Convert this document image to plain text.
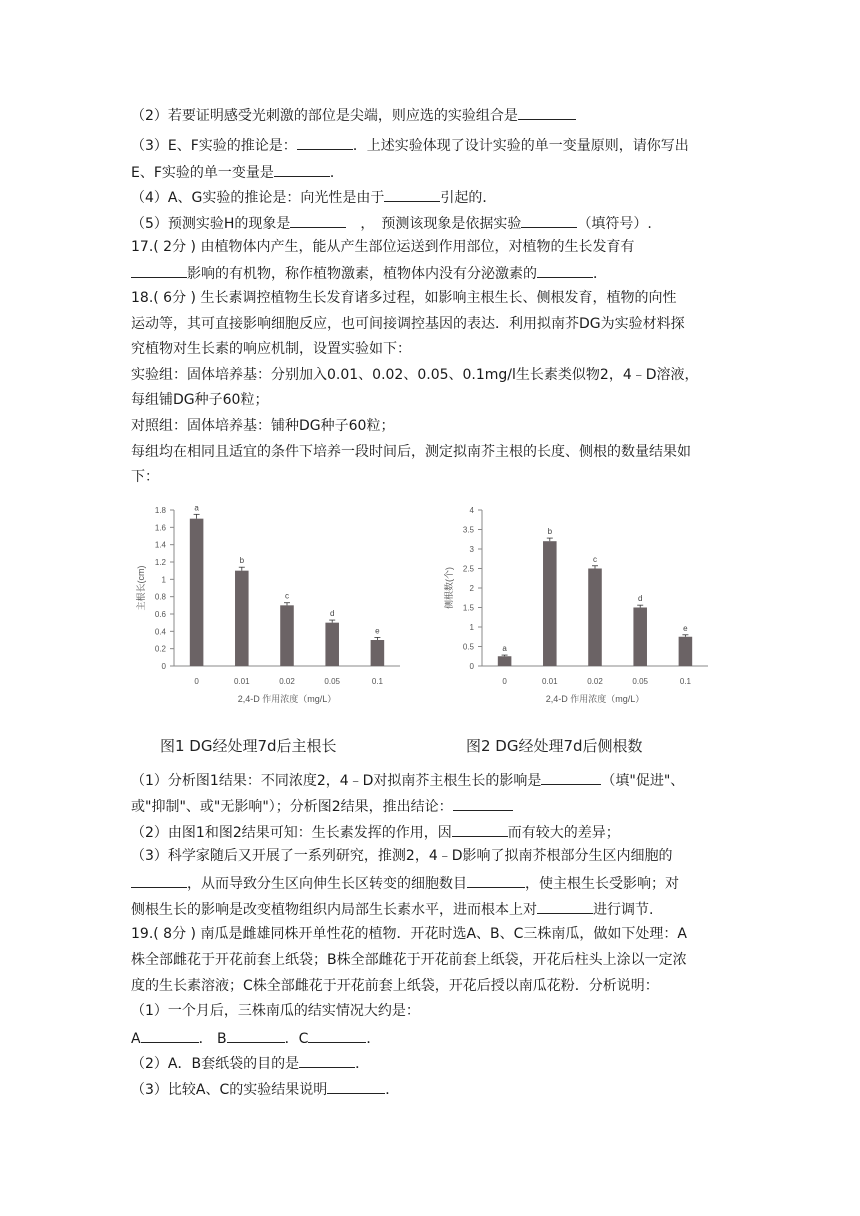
（2）若要证明感受光刺激的部位是尖端，则应选的实验组合是
（3）E、F实验的推论是：	．上述实验体现了设计实验的单一变量原则，请你写出
E、F实验的单一变量是	．
（4）A、G实验的推论是：向光性是由于	引起的．
（5）预测实验H的现象是	　，　预测该现象是依据实验	（填符号）.
17.( 2分 ) 由植物体内产生，能从产生部位运送到作用部位，对植物的生长发育有
影响的有机物，称作植物激素，植物体内没有分泌激素的	．
18.( 6分 ) 生长素调控植物生长发育诸多过程，如影响主根生长、侧根发育，植物的向性
运动等，其可直接影响细胞反应，也可间接调控基因的表达．利用拟南芥DG为实验材料探
究植物对生长素的响应机制，设置实验如下：
实验组：固体培养基：分别加入0.01、0.02、0.05、0.1mg/l生长素类似物2，4﹣D溶液，
每组铺DG种子60粒；
对照组：固体培养基：铺种DG种子60粒；
每组均在相同且适宜的条件下培养一段时间后，测定拟南芥主根的长度、侧根的数量结果如
下：
0
0.2
0.4
0.6
0.8
1
1.2
1.4
1.6
1.8	a
0
b
0.01
c
0.02
d
0.05
e
0.1
2,4-D 作用浓度（mg/L）
主根长(cm)
0
0.5
1
1.5
2
2.5
3
3.5
4
a
0
b
0.01
c
0.02
d
0.05
e
0.1
2,4-D 作用浓度（mg/L）
侧根数(个)
图1 DG经处理7d后主根长	图2 DG经处理7d后侧根数
（1）分析图1结果：不同浓度2，4﹣D对拟南芥主根生长的影响是	（填"促进"、
或"抑制"、或"无影响"）；分析图2结果，推出结论：
（2）由图1和图2结果可知：生长素发挥的作用，因	而有较大的差异；
（3）科学家随后又开展了一系列研究，推测2，4﹣D影响了拟南芥根部分生区内细胞的
，从而导致分生区向伸生长区转变的细胞数目	，使主根生长受影响；对
侧根生长的影响是改变植物组织内局部生长素水平，进而根本上对	进行调节.
19.( 8分 ) 南瓜是雌雄同株开单性花的植物．开花时选A、B、C三株南瓜，做如下处理：A
株全部雌花于开花前套上纸袋；B株全部雌花于开花前套上纸袋，开花后柱头上涂以一定浓
度的生长素溶液；C株全部雌花于开花前套上纸袋，开花后授以南瓜花粉．分析说明：
（1）一个月后，三株南瓜的结实情况大约是：
A	． B	．C	．
（2）A．B套纸袋的目的是	．
（3）比较A、C的实验结果说明	．
